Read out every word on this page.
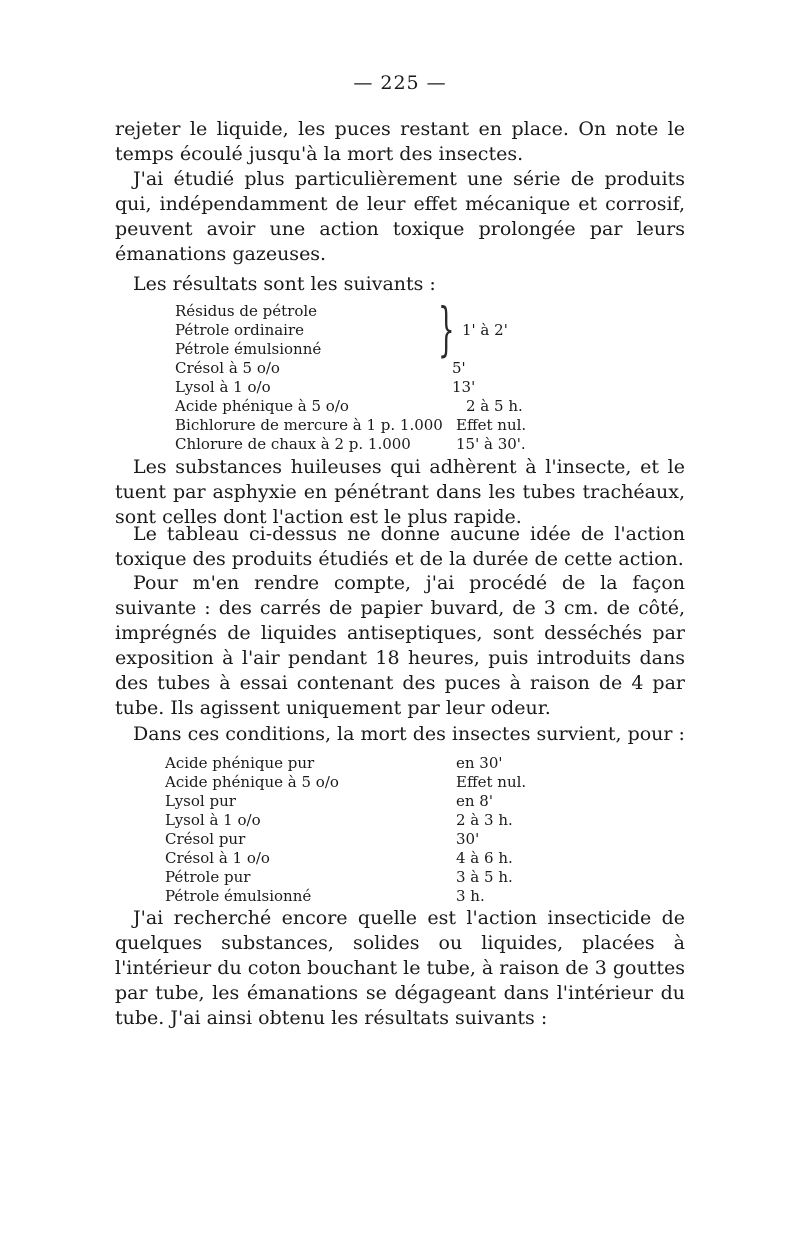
— 225 —

rejeter le liquide, les puces restant en place. On note le temps écoulé jusqu'à la mort des insectes.

J'ai étudié plus particulièrement une série de produits qui, indépendamment de leur effet mécanique et corrosif, peuvent avoir une action toxique prolongée par leurs émanations gazeuses.

Les résultats sont les suivants :

Résidus de pétrole
Pétrole ordinaire
Pétrole émulsionné } 1' à 2'
Crésol à 5 o/o	5'
Lysol à 1 o/o	13'
Acide phénique à 5 o/o	2 à 5 h.
Bichlorure de mercure à 1 p. 1.000 Effet nul.
Chlorure de chaux à 2 p. 1.000	15' à 30'.

Les substances huileuses qui adhèrent à l'insecte, et le tuent par asphyxie en pénétrant dans les tubes trachéaux, sont celles dont l'action est le plus rapide.

Le tableau ci-dessus ne donne aucune idée de l'action toxique des produits étudiés et de la durée de cette action.

Pour m'en rendre compte, j'ai procédé de la façon suivante : des carrés de papier buvard, de 3 cm. de côté, imprégnés de liquides antiseptiques, sont desséchés par exposition à l'air pendant 18 heures, puis introduits dans des tubes à essai contenant des puces à raison de 4 par tube. Ils agissent uniquement par leur odeur.

Dans ces conditions, la mort des insectes survient, pour :

Acide phénique pur	en 30'
Acide phénique à 5 o/o	Effet nul.
Lysol pur	en 8'
Lysol à 1 o/o	2 à 3 h.
Crésol pur	30'
Crésol à 1 o/o	4 à 6 h.
Pétrole pur	3 à 5 h.
Pétrole émulsionné	3 h.

J'ai recherché encore quelle est l'action insecticide de quelques substances, solides ou liquides, placées à l'intérieur du coton bouchant le tube, à raison de 3 gouttes par tube, les émanations se dégageant dans l'intérieur du tube. J'ai ainsi obtenu les résultats suivants :
